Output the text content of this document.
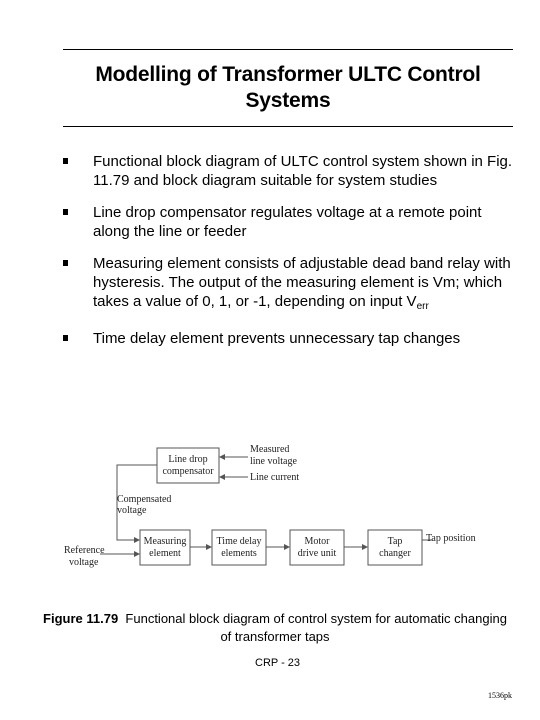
Modelling of Transformer ULTC Control Systems
Functional block diagram of ULTC control system shown in Fig. 11.79 and block diagram suitable for system studies
Line drop compensator regulates voltage at a remote point along the line or feeder
Measuring element consists of adjustable dead band relay with hysteresis. The output of the measuring element is Vm; which takes a value of 0, 1, or -1, depending on input $V_{err}$
Time delay element prevents unnecessary tap changes
Line drop
compensator
Measuring
element
Time delay
elements
Motor
drive unit
Tap
changer
Measured
line voltage
Line current
Compensated
voltage
Reference
voltage
Tap position
Figure 11.79 Functional block diagram of control system for automatic changing of transformer taps
CRP - 23
1536pk
